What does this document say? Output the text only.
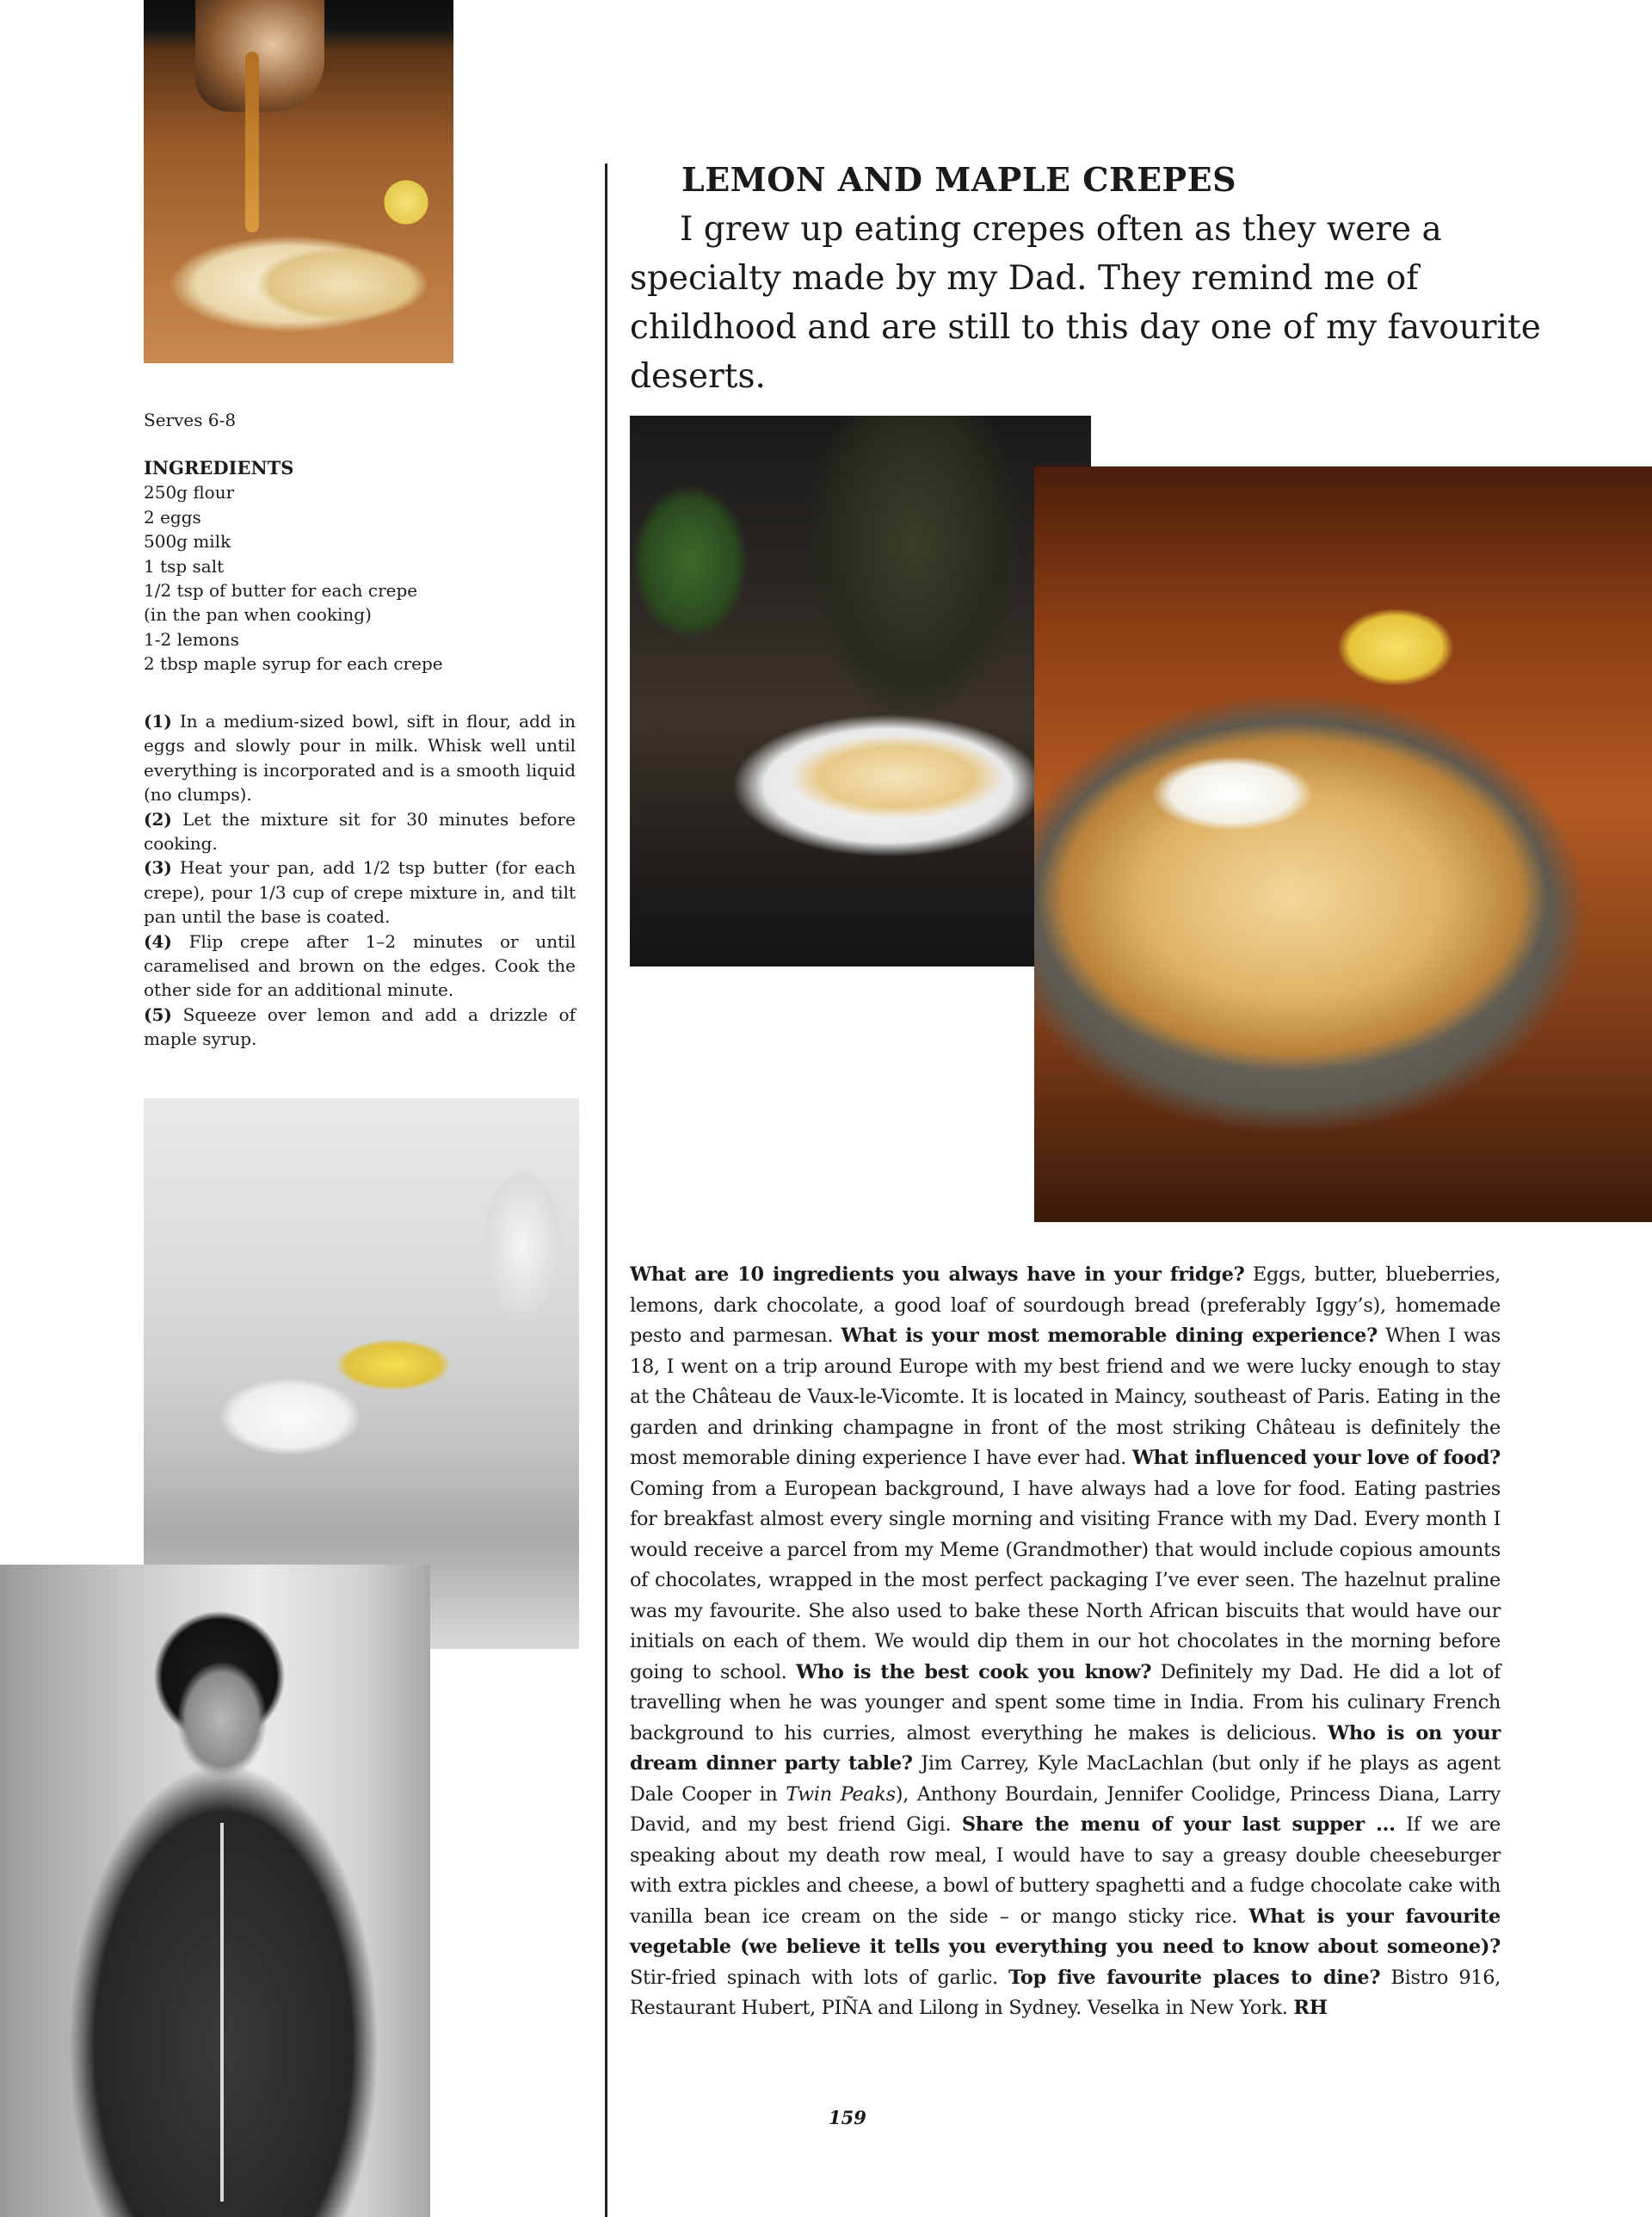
LEMON AND MAPLE CREPES

I grew up eating crepes often as they were a specialty made by my Dad. They remind me of childhood and are still to this day one of my favourite deserts.

Serves 6-8

INGREDIENTS

250g flour
2 eggs
500g milk
1 tsp salt
1/2 tsp of butter for each crepe
(in the pan when cooking)
1-2 lemons
2 tbsp maple syrup for each crepe

(1) In a medium-sized bowl, sift in flour, add in eggs and slowly pour in milk. Whisk well until everything is incorporated and is a smooth liquid (no clumps).

(2) Let the mixture sit for 30 minutes before cooking.

(3) Heat your pan, add 1/2 tsp butter (for each crepe), pour 1/3 cup of crepe mixture in, and tilt pan until the base is coated.

(4) Flip crepe after 1–2 minutes or until caramelised and brown on the edges. Cook the other side for an additional minute.

(5) Squeeze over lemon and add a drizzle of maple syrup.

What are 10 ingredients you always have in your fridge? Eggs, butter, blueberries, lemons, dark chocolate, a good loaf of sourdough bread (preferably Iggy’s), homemade pesto and parmesan. What is your most memorable dining experience? When I was 18, I went on a trip around Europe with my best friend and we were lucky enough to stay at the Château de Vaux-le-Vicomte. It is located in Maincy, southeast of Paris. Eating in the garden and drinking champagne in front of the most striking Château is definitely the most memorable dining experience I have ever had. What influenced your love of food? Coming from a European background, I have always had a love for food. Eating pastries for breakfast almost every single morning and visiting France with my Dad. Every month I would receive a parcel from my Meme (Grandmother) that would include copious amounts of chocolates, wrapped in the most perfect packaging I’ve ever seen. The hazelnut praline was my favourite. She also used to bake these North African biscuits that would have our initials on each of them. We would dip them in our hot chocolates in the morning before going to school. Who is the best cook you know? Definitely my Dad. He did a lot of travelling when he was younger and spent some time in India. From his culinary French background to his curries, almost everything he makes is delicious. Who is on your dream dinner party table? Jim Carrey, Kyle MacLachlan (but only if he plays as agent Dale Cooper in Twin Peaks), Anthony Bourdain, Jennifer Coolidge, Princess Diana, Larry David, and my best friend Gigi. Share the menu of your last supper ... If we are speaking about my death row meal, I would have to say a greasy double cheeseburger with extra pickles and cheese, a bowl of buttery spaghetti and a fudge chocolate cake with vanilla bean ice cream on the side – or mango sticky rice. What is your favourite vegetable (we believe it tells you everything you need to know about someone)? Stir-fried spinach with lots of garlic. Top five favourite places to dine? Bistro 916, Restaurant Hubert, PIÑA and Lilong in Sydney. Veselka in New York. RH

159
